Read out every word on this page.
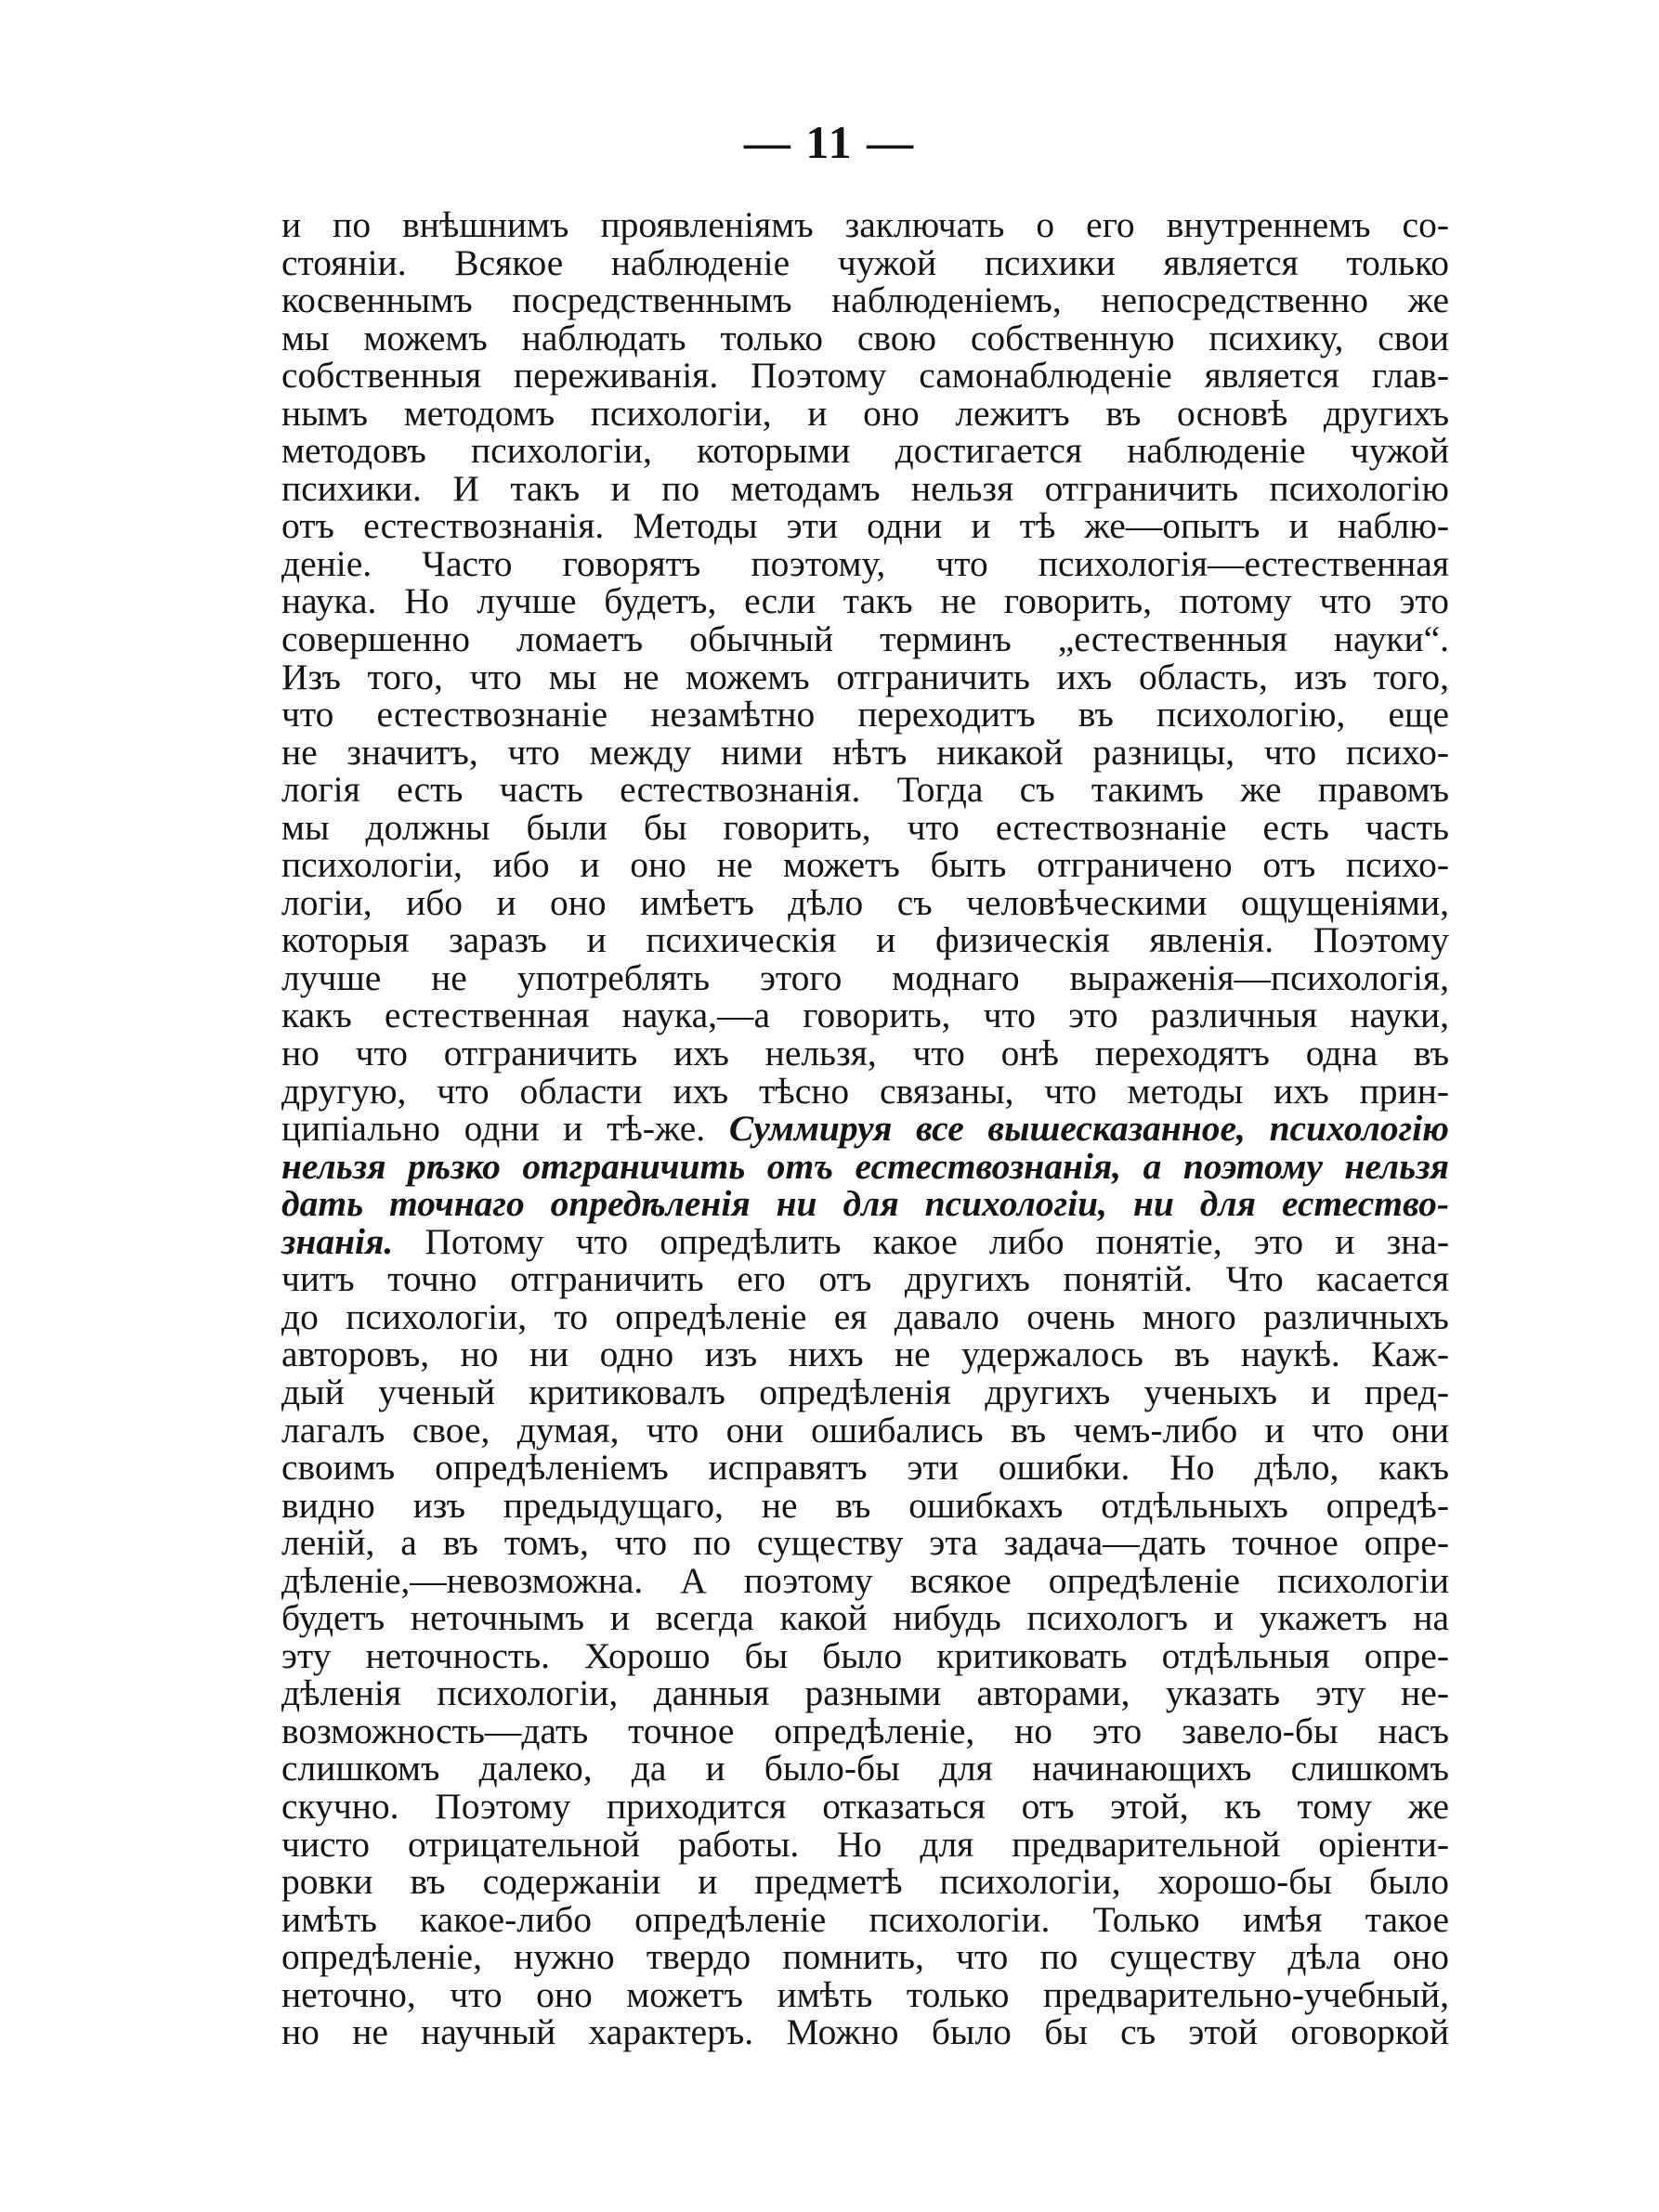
— 11 —
и по внѣшнимъ проявленіямъ заключать о его внутреннемъ со-
стояніи. Всякое наблюденіе чужой психики является только
косвеннымъ посредственнымъ наблюденіемъ, непосредственно же
мы можемъ наблюдать только свою собственную психику, свои
собственныя переживанія. Поэтому самонаблюденіе является глав-
нымъ методомъ психологіи, и оно лежитъ въ основѣ другихъ
методовъ психологіи, которыми достигается наблюденіе чужой
психики. И такъ и по методамъ нельзя отграничить психологію
отъ естествознанія. Методы эти одни и тѣ же—опытъ и наблю-
деніе. Часто говорятъ поэтому, что психологія—естественная
наука. Но лучше будетъ, если такъ не говорить, потому что это
совершенно ломаетъ обычный терминъ „естественныя науки“.
Изъ того, что мы не можемъ отграничить ихъ область, изъ того,
что естествознаніе незамѣтно переходитъ въ психологію, еще
не значитъ, что между ними нѣтъ никакой разницы, что психо-
логія есть часть естествознанія. Тогда съ такимъ же правомъ
мы должны были бы говорить, что естествознаніе есть часть
психологіи, ибо и оно не можетъ быть отграничено отъ психо-
логіи, ибо и оно имѣетъ дѣло съ человѣческими ощущеніями,
которыя заразъ и психическія и физическія явленія. Поэтому
лучше не употреблять этого моднаго выраженія—психологія,
какъ естественная наука,—а говорить, что это различныя науки,
но что отграничить ихъ нельзя, что онѣ переходятъ одна въ
другую, что области ихъ тѣсно связаны, что методы ихъ прин-
ципіально одни и тѣ-же. Суммируя все вышесказанное, психологію
нельзя рѣзко отграничить отъ естествознанія, а поэтому нельзя
дать точнаго опредѣленія ни для психологіи, ни для естество-
знанія. Потому что опредѣлить какое либо понятіе, это и зна-
читъ точно отграничить его отъ другихъ понятій. Что касается
до психологіи, то опредѣленіе ея давало очень много различныхъ
авторовъ, но ни одно изъ нихъ не удержалось въ наукѣ. Каж-
дый ученый критиковалъ опредѣленія другихъ ученыхъ и пред-
лагалъ свое, думая, что они ошибались въ чемъ-либо и что они
своимъ опредѣленіемъ исправятъ эти ошибки. Но дѣло, какъ
видно изъ предыдущаго, не въ ошибкахъ отдѣльныхъ опредѣ-
леній, а въ томъ, что по существу эта задача—дать точное опре-
дѣленіе,—невозможна. А поэтому всякое опредѣленіе психологіи
будетъ неточнымъ и всегда какой нибудь психологъ и укажетъ на
эту неточность. Хорошо бы было критиковать отдѣльныя опре-
дѣленія психологіи, данныя разными авторами, указать эту не-
возможность—дать точное опредѣленіе, но это завело-бы насъ
слишкомъ далеко, да и было-бы для начинающихъ слишкомъ
скучно. Поэтому приходится отказаться отъ этой, къ тому же
чисто отрицательной работы. Но для предварительной оріенти-
ровки въ содержаніи и предметѣ психологіи, хорошо-бы было
имѣть какое-либо опредѣленіе психологіи. Только имѣя такое
опредѣленіе, нужно твердо помнить, что по существу дѣла оно
неточно, что оно можетъ имѣть только предварительно-учебный,
но не научный характеръ. Можно было бы съ этой оговоркой
